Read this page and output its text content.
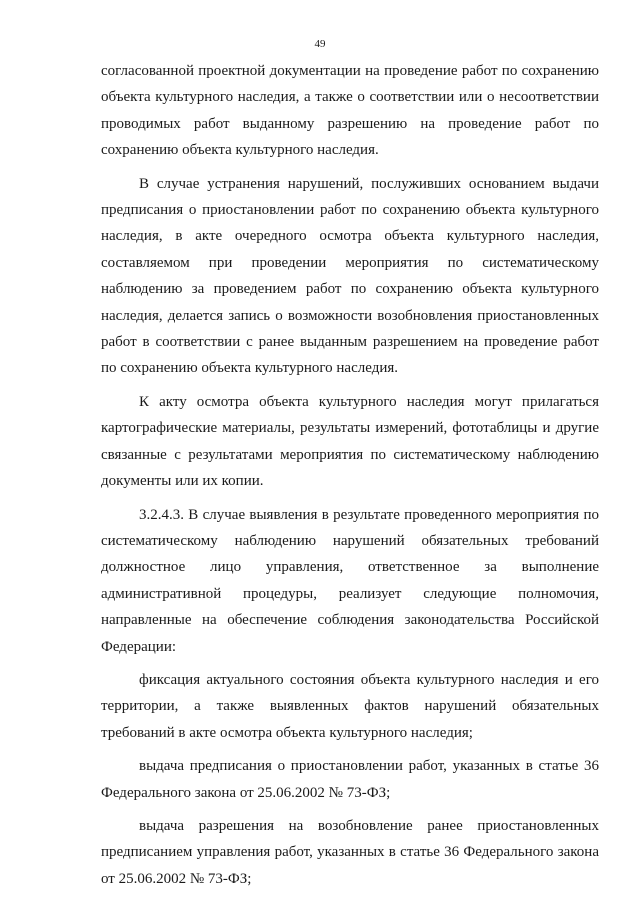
49

согласованной проектной документации на проведение работ по сохранению объекта культурного наследия, а также о соответствии или о несоответствии проводимых работ выданному разрешению на проведение работ по сохранению объекта культурного наследия.

В случае устранения нарушений, послуживших основанием выдачи предписания о приостановлении работ по сохранению объекта культурного наследия, в акте очередного осмотра объекта культурного наследия, составляемом при проведении мероприятия по систематическому наблюдению за проведением работ по сохранению объекта культурного наследия, делается запись о возможности возобновления приостановленных работ в соответствии с ранее выданным разрешением на проведение работ по сохранению объекта культурного наследия.

К акту осмотра объекта культурного наследия могут прилагаться картографические материалы, результаты измерений, фототаблицы и другие связанные с результатами мероприятия по систематическому наблюдению документы или их копии.

3.2.4.3. В случае выявления в результате проведенного мероприятия по систематическому наблюдению нарушений обязательных требований должностное лицо управления, ответственное за выполнение административной процедуры, реализует следующие полномочия, направленные на обеспечение соблюдения законодательства Российской Федерации:

фиксация актуального состояния объекта культурного наследия и его территории, а также выявленных фактов нарушений обязательных требований в акте осмотра объекта культурного наследия;

выдача предписания о приостановлении работ, указанных в статье 36 Федерального закона от 25.06.2002 № 73-ФЗ;

выдача разрешения на возобновление ранее приостановленных предписанием управления работ, указанных в статье 36 Федерального закона от 25.06.2002 № 73-ФЗ;
